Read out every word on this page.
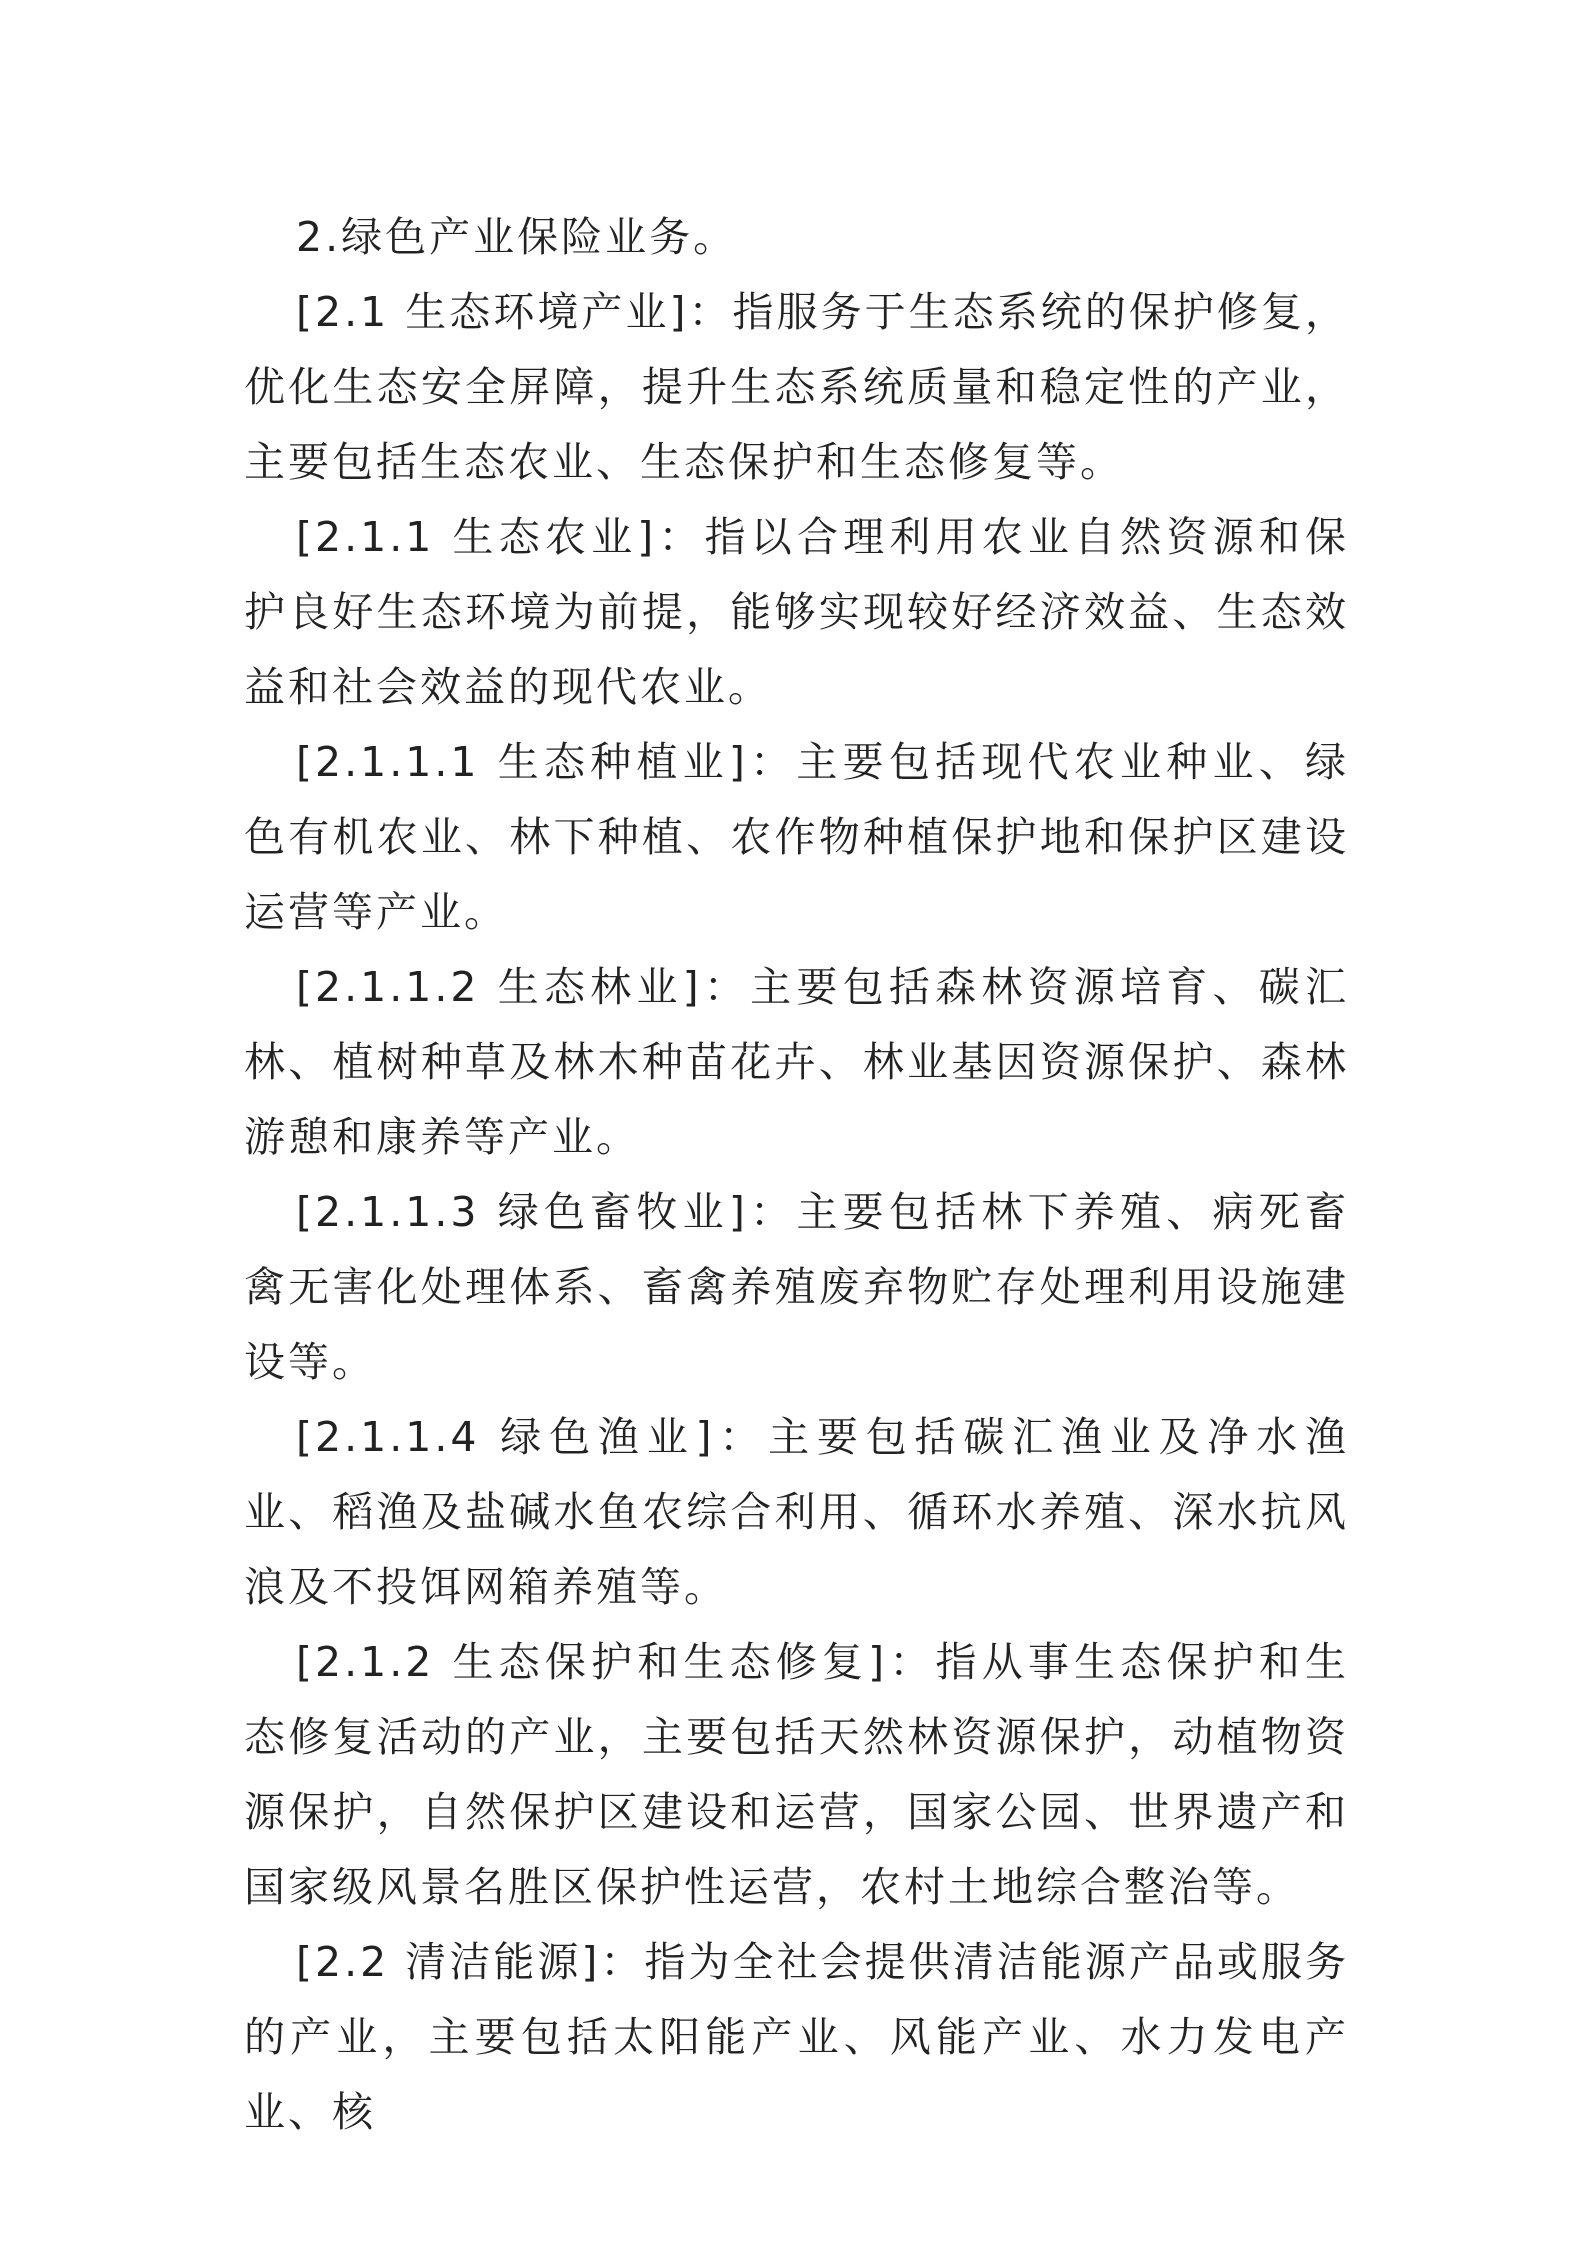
2.绿色产业保险业务。

[2.1 生态环境产业]：指服务于生态系统的保护修复，优化生态安全屏障，提升生态系统质量和稳定性的产业，主要包括生态农业、生态保护和生态修复等。

[2.1.1 生态农业]：指以合理利用农业自然资源和保护良好生态环境为前提，能够实现较好经济效益、生态效益和社会效益的现代农业。

[2.1.1.1 生态种植业]：主要包括现代农业种业、绿色有机农业、林下种植、农作物种植保护地和保护区建设运营等产业。

[2.1.1.2 生态林业]：主要包括森林资源培育、碳汇林、植树种草及林木种苗花卉、林业基因资源保护、森林游憩和康养等产业。

[2.1.1.3 绿色畜牧业]：主要包括林下养殖、病死畜禽无害化处理体系、畜禽养殖废弃物贮存处理利用设施建设等。

[2.1.1.4 绿色渔业]：主要包括碳汇渔业及净水渔业、稻渔及盐碱水鱼农综合利用、循环水养殖、深水抗风浪及不投饵网箱养殖等。

[2.1.2 生态保护和生态修复]：指从事生态保护和生态修复活动的产业，主要包括天然林资源保护，动植物资源保护，自然保护区建设和运营，国家公园、世界遗产和国家级风景名胜区保护性运营，农村土地综合整治等。

[2.2 清洁能源]：指为全社会提供清洁能源产品或服务的产业，主要包括太阳能产业、风能产业、水力发电产业、核
